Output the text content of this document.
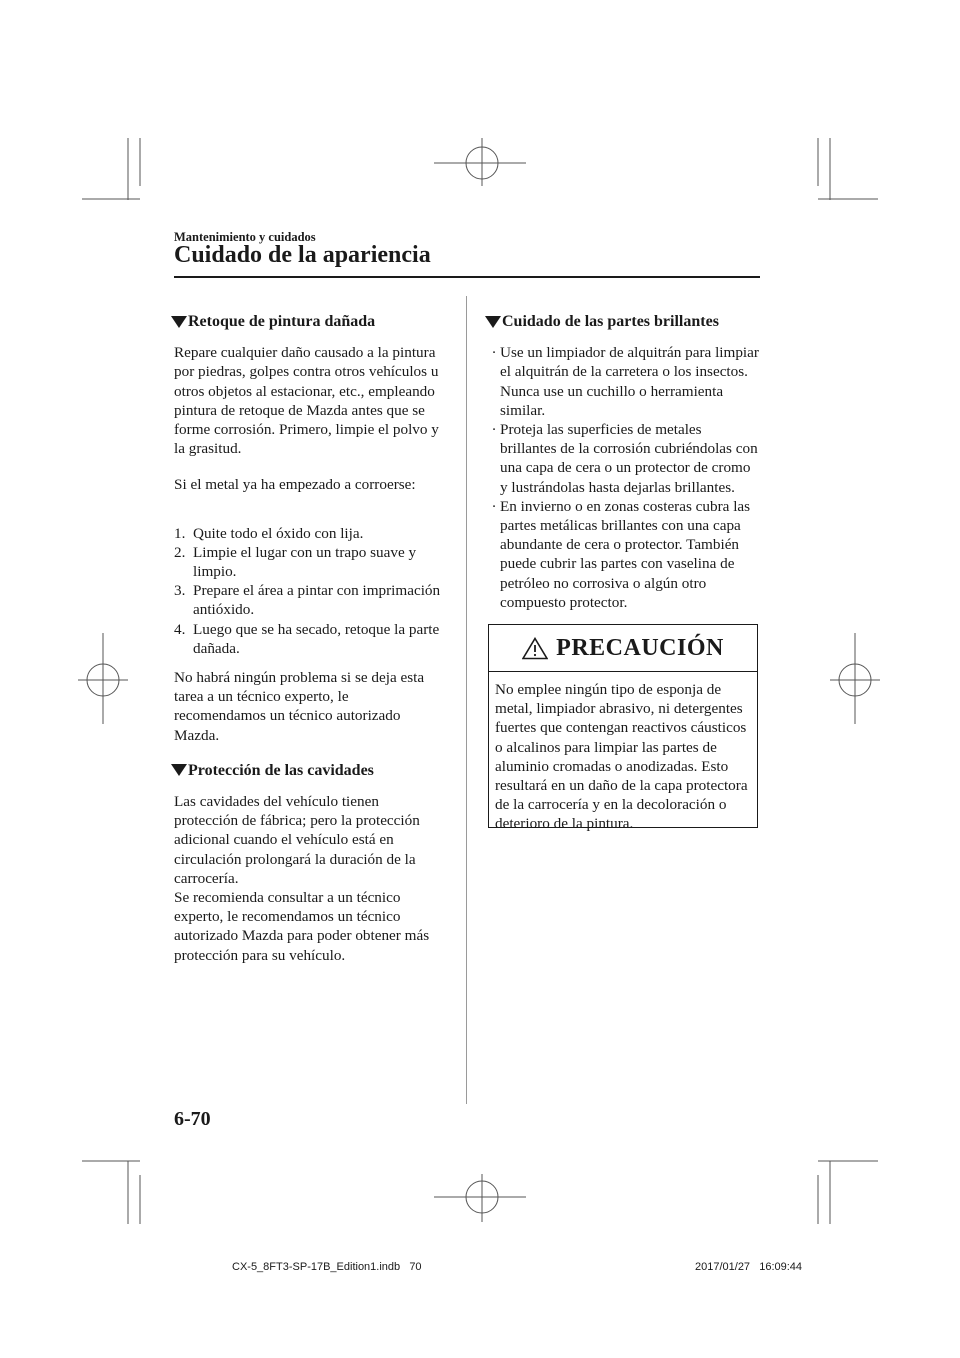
Mantenimiento y cuidados
Cuidado de la apariencia
Retoque de pintura dañada

Repare cualquier daño causado a la pintura por piedras, golpes contra otros vehículos u otros objetos al estacionar, etc., empleando pintura de retoque de Mazda antes que se forme corrosión. Primero, limpie el polvo y la grasitud.

Si el metal ya ha empezado a corroerse:

1. Quite todo el óxido con lija.
2. Limpie el lugar con un trapo suave y limpio.
3. Prepare el área a pintar con imprimación antióxido.
4. Luego que se ha secado, retoque la parte dañada.

No habrá ningún problema si se deja esta tarea a un técnico experto, le recomendamos un técnico autorizado Mazda.

Protección de las cavidades

Las cavidades del vehículo tienen protección de fábrica; pero la protección adicional cuando el vehículo está en circulación prolongará la duración de la carrocería.

Se recomienda consultar a un técnico experto, le recomendamos un técnico autorizado Mazda para poder obtener más protección para su vehículo.

Cuidado de las partes brillantes
· Use un limpiador de alquitrán para limpiar el alquitrán de la carretera o los insectos. Nunca use un cuchillo o herramienta similar.
· Proteja las superficies de metales brillantes de la corrosión cubriéndolas con una capa de cera o un protector de cromo y lustrándolas hasta dejarlas brillantes.
· En invierno o en zonas costeras cubra las partes metálicas brillantes con una capa abundante de cera o protector. También puede cubrir las partes con vaselina de petróleo no corrosiva o algún otro compuesto protector.
PRECAUCIÓN
No emplee ningún tipo de esponja de metal, limpiador abrasivo, ni detergentes fuertes que contengan reactivos cáusticos o alcalinos para limpiar las partes de aluminio cromadas o anodizadas. Esto resultará en un daño de la capa protectora de la carrocería y en la decoloración o deterioro de la pintura.
6-70
CX-5_8FT3-SP-17B_Edition1.indb   70	2017/01/27   16:09:44
